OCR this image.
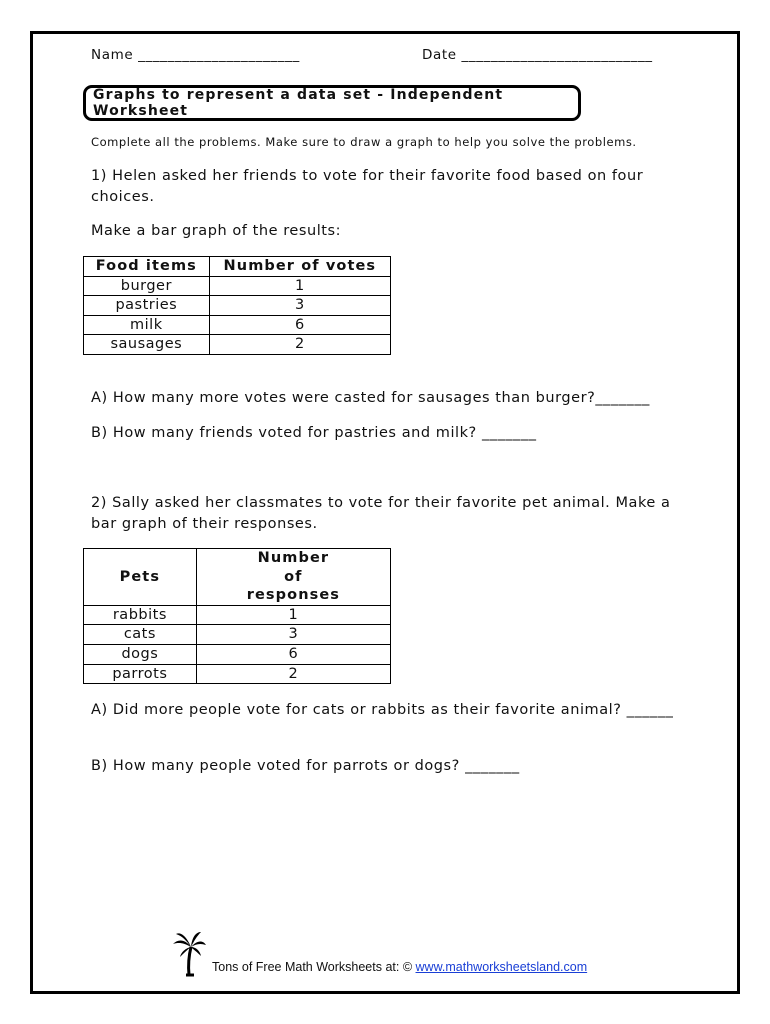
Name ______________________	Date __________________________
Graphs to represent a data set - Independent Worksheet
Complete all the problems. Make sure to draw a graph to help you solve the problems.
1) Helen asked her friends to vote for their favorite food based on four choices.
Make a bar graph of the results:
Food items	Number of votes
burger	1
pastries	3
milk	6
sausages	2
A) How many more votes were casted for sausages than burger?_______
B) How many friends voted for pastries and milk? _______
2) Sally asked her classmates to vote for their favorite pet animal. Make a bar graph of their responses.
Pets	Number of responses
rabbits	1
cats	3
dogs	6
parrots	2
A) Did more people vote for cats or rabbits as their favorite animal? ______
B) How many people voted for parrots or dogs? _______
Tons of Free Math Worksheets at: © www.mathworksheetsland.com
